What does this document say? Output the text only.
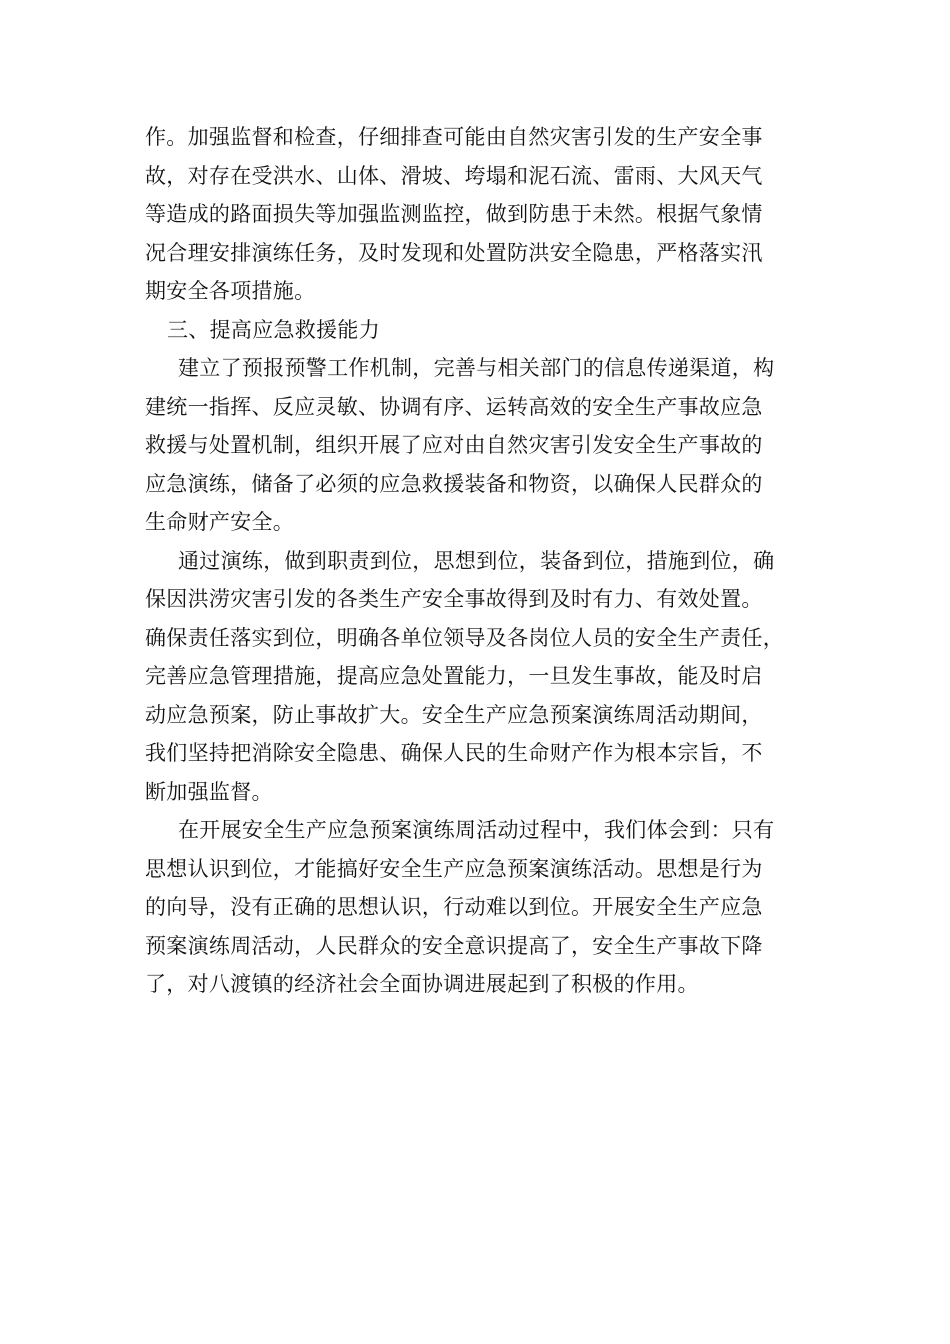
作。加强监督和检查，仔细排查可能由自然灾害引发的生产安全事
故，对存在受洪水、山体、滑坡、垮塌和泥石流、雷雨、大风天气
等造成的路面损失等加强监测监控，做到防患于未然。根据气象情
况合理安排演练任务，及时发现和处置防洪安全隐患，严格落实汛
期安全各项措施。
三、提高应急救援能力
建立了预报预警工作机制，完善与相关部门的信息传递渠道，构
建统一指挥、反应灵敏、协调有序、运转高效的安全生产事故应急
救援与处置机制，组织开展了应对由自然灾害引发安全生产事故的
应急演练，储备了必须的应急救援装备和物资，以确保人民群众的
生命财产安全。
通过演练，做到职责到位，思想到位，装备到位，措施到位，确
保因洪涝灾害引发的各类生产安全事故得到及时有力、有效处置。
确保责任落实到位，明确各单位领导及各岗位人员的安全生产责任，
完善应急管理措施，提高应急处置能力，一旦发生事故，能及时启
动应急预案，防止事故扩大。安全生产应急预案演练周活动期间，
我们坚持把消除安全隐患、确保人民的生命财产作为根本宗旨，不
断加强监督。
在开展安全生产应急预案演练周活动过程中，我们体会到：只有
思想认识到位，才能搞好安全生产应急预案演练活动。思想是行为
的向导，没有正确的思想认识，行动难以到位。开展安全生产应急
预案演练周活动，人民群众的安全意识提高了，安全生产事故下降
了，对八渡镇的经济社会全面协调进展起到了积极的作用。
